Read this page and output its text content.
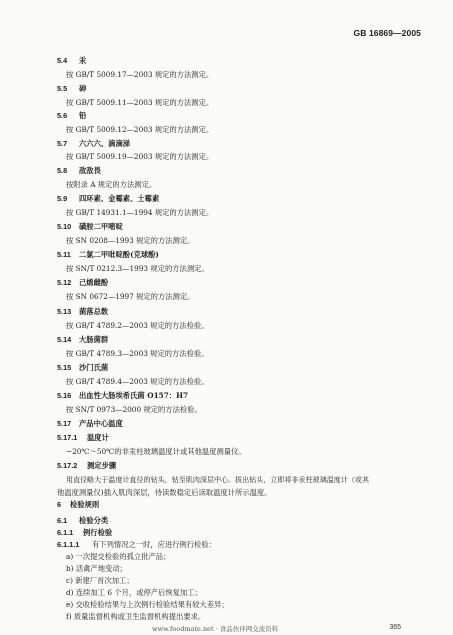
GB 16869—2005
5.4 汞
按 GB/T 5009.17—2003 规定的方法测定。
5.5 砷
按 GB/T 5009.11—2003 规定的方法测定。
5.6 铅
按 GB/T 5009.12—2003 规定的方法测定。
5.7 六六六、滴滴涕
按 GB/T 5009.19—2003 规定的方法测定。
5.8 敌敌畏
按附录 A 规定的方法测定。
5.9 四环素、金霉素、土霉素
按 GB/T 14931.1—1994 规定的方法测定。
5.10 磺胺二甲嘧啶
按 SN 0208—1993 规定的方法测定。
5.11 二氯二甲吡啶酚(克球酚)
按 SN/T 0212.3—1993 规定的方法测定。
5.12 己烯雌酚
按 SN 0672—1997 规定的方法测定。
5.13 菌落总数
按 GB/T 4789.2—2003 规定的方法检验。
5.14 大肠菌群
按 GB/T 4789.3—2003 规定的方法检验。
5.15 沙门氏菌
按 GB/T 4789.4—2003 规定的方法检验。
5.16 出血性大肠埃希氏菌 O157：H7
按 SN/T 0973—2000 规定的方法检验。
5.17 产品中心温度
5.17.1 温度计
−20℃～50℃的非汞柱玻璃温度计或其他温度测量仪。
5.17.2 测定步骤
用直径略大于温度计直径的钻头，钻至肌肉深层中心。拔出钻头，立即将非汞柱玻璃温度计（或其
他温度测量仪)插入肌肉深层，待读数稳定后读取温度计所示温度。
6 检验规则
6.1 检验分类
6.1.1 例行检验
6.1.1.1 有下列情况之一时，应进行例行检验：
a) 一次提交检验的孤立批产品；
b) 活禽产地变动；
c) 新建厂首次加工；
d) 连续加工 6 个月，或停产后恢复加工；
e) 交收检验结果与上次例行检验结果有较大差异；
f) 质量监督机构或卫生监督机构提出要求。
www.foodmate.net · 食品伙伴网交流资料	365
